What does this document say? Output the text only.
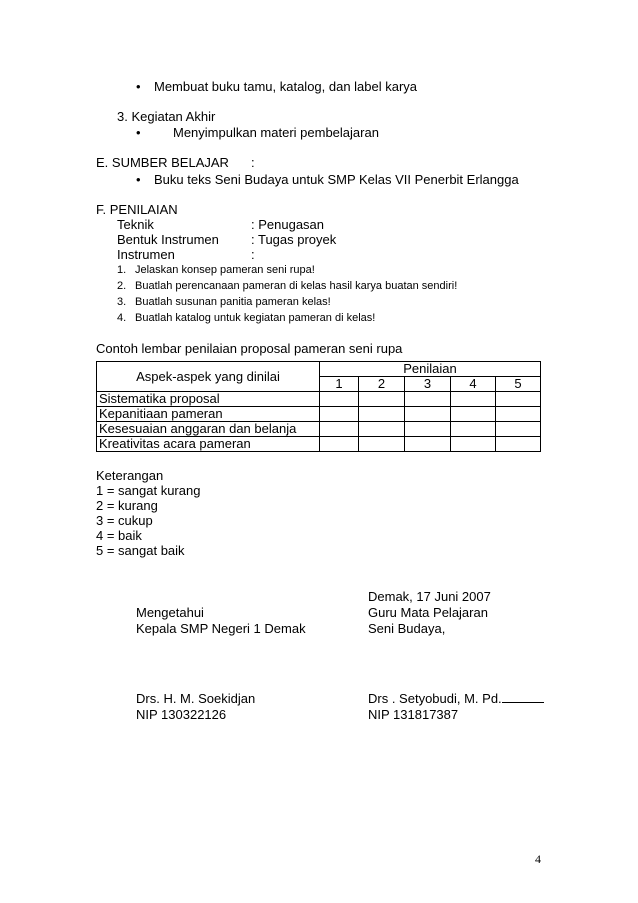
• Membuat buku tamu, katalog, dan label karya
3. Kegiatan Akhir
• Menyimpulkan materi pembelajaran
E. SUMBER BELAJAR :
• Buku teks Seni Budaya untuk SMP Kelas VII Penerbit Erlangga
F. PENILAIAN
Teknik	: Penugasan
Bentuk Instrumen : Tugas proyek
Instrumen	:
1. Jelaskan konsep pameran seni rupa!
2. Buatlah perencanaan pameran di kelas hasil karya buatan sendiri!
3. Buatlah susunan panitia pameran kelas!
4. Buatlah katalog untuk kegiatan pameran di kelas!
Contoh lembar penilaian proposal pameran seni rupa
Aspek-aspek yang dinilai	Penilaian				
	1	2	3	4	5
Sistematika proposal					
Kepanitiaan pameran					
Kesesuaian anggaran dan belanja					
Kreativitas acara pameran					
Keterangan
1 = sangat kurang
2 = kurang
3 = cukup
4 = baik
5 = sangat baik
Demak, 17 Juni 2007
Mengetahui	Guru Mata Pelajaran
Kepala SMP Negeri 1 Demak	Seni Budaya,
Drs. H. M. Soekidjan	Drs . Setyobudi, M. Pd.
NIP 130322126	NIP 131817387
4
